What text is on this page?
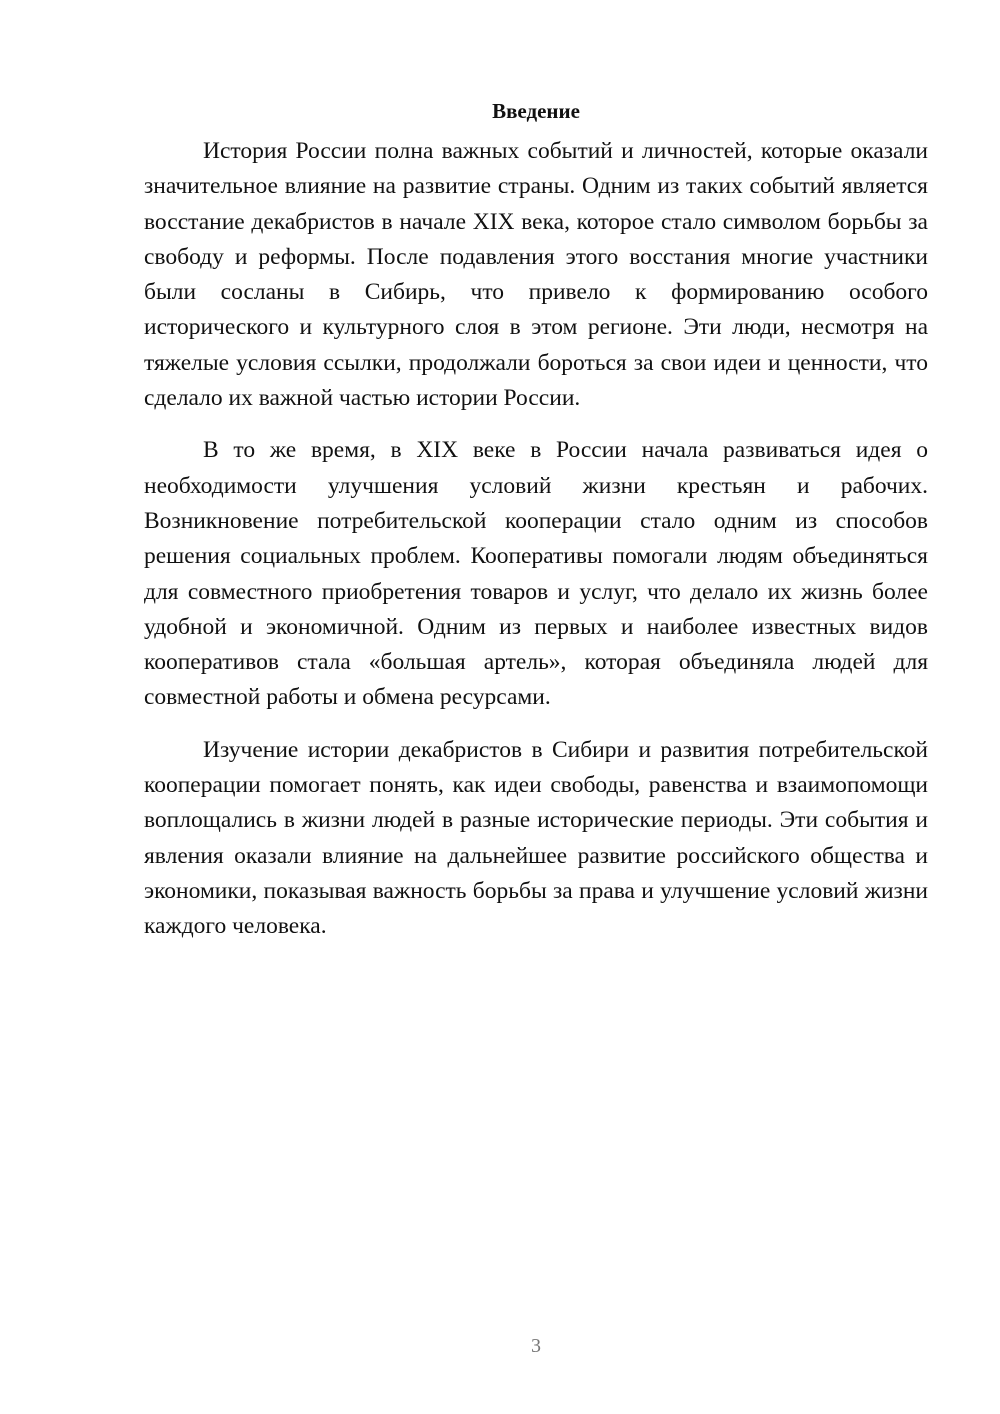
Введение

История России полна важных событий и личностей, которые оказали значительное влияние на развитие страны. Одним из таких событий является восстание декабристов в начале XIX века, которое стало символом борьбы за свободу и реформы. После подавления этого восстания многие участники были сосланы в Сибирь, что привело к формированию особого исторического и культурного слоя в этом регионе. Эти люди, несмотря на тяжелые условия ссылки, продолжали бороться за свои идеи и ценности, что сделало их важной частью истории России.

В то же время, в XIX веке в России начала развиваться идея о необходимости улучшения условий жизни крестьян и рабочих. Возникновение потребительской кооперации стало одним из способов решения социальных проблем. Кооперативы помогали людям объединяться для совместного приобретения товаров и услуг, что делало их жизнь более удобной и экономичной. Одним из первых и наиболее известных видов кооперативов стала «большая артель», которая объединяла людей для совместной работы и обмена ресурсами.

Изучение истории декабристов в Сибири и развития потребительской кооперации помогает понять, как идеи свободы, равенства и взаимопомощи воплощались в жизни людей в разные исторические периоды. Эти события и явления оказали влияние на дальнейшее развитие российского общества и экономики, показывая важность борьбы за права и улучшение условий жизни каждого человека.

3
